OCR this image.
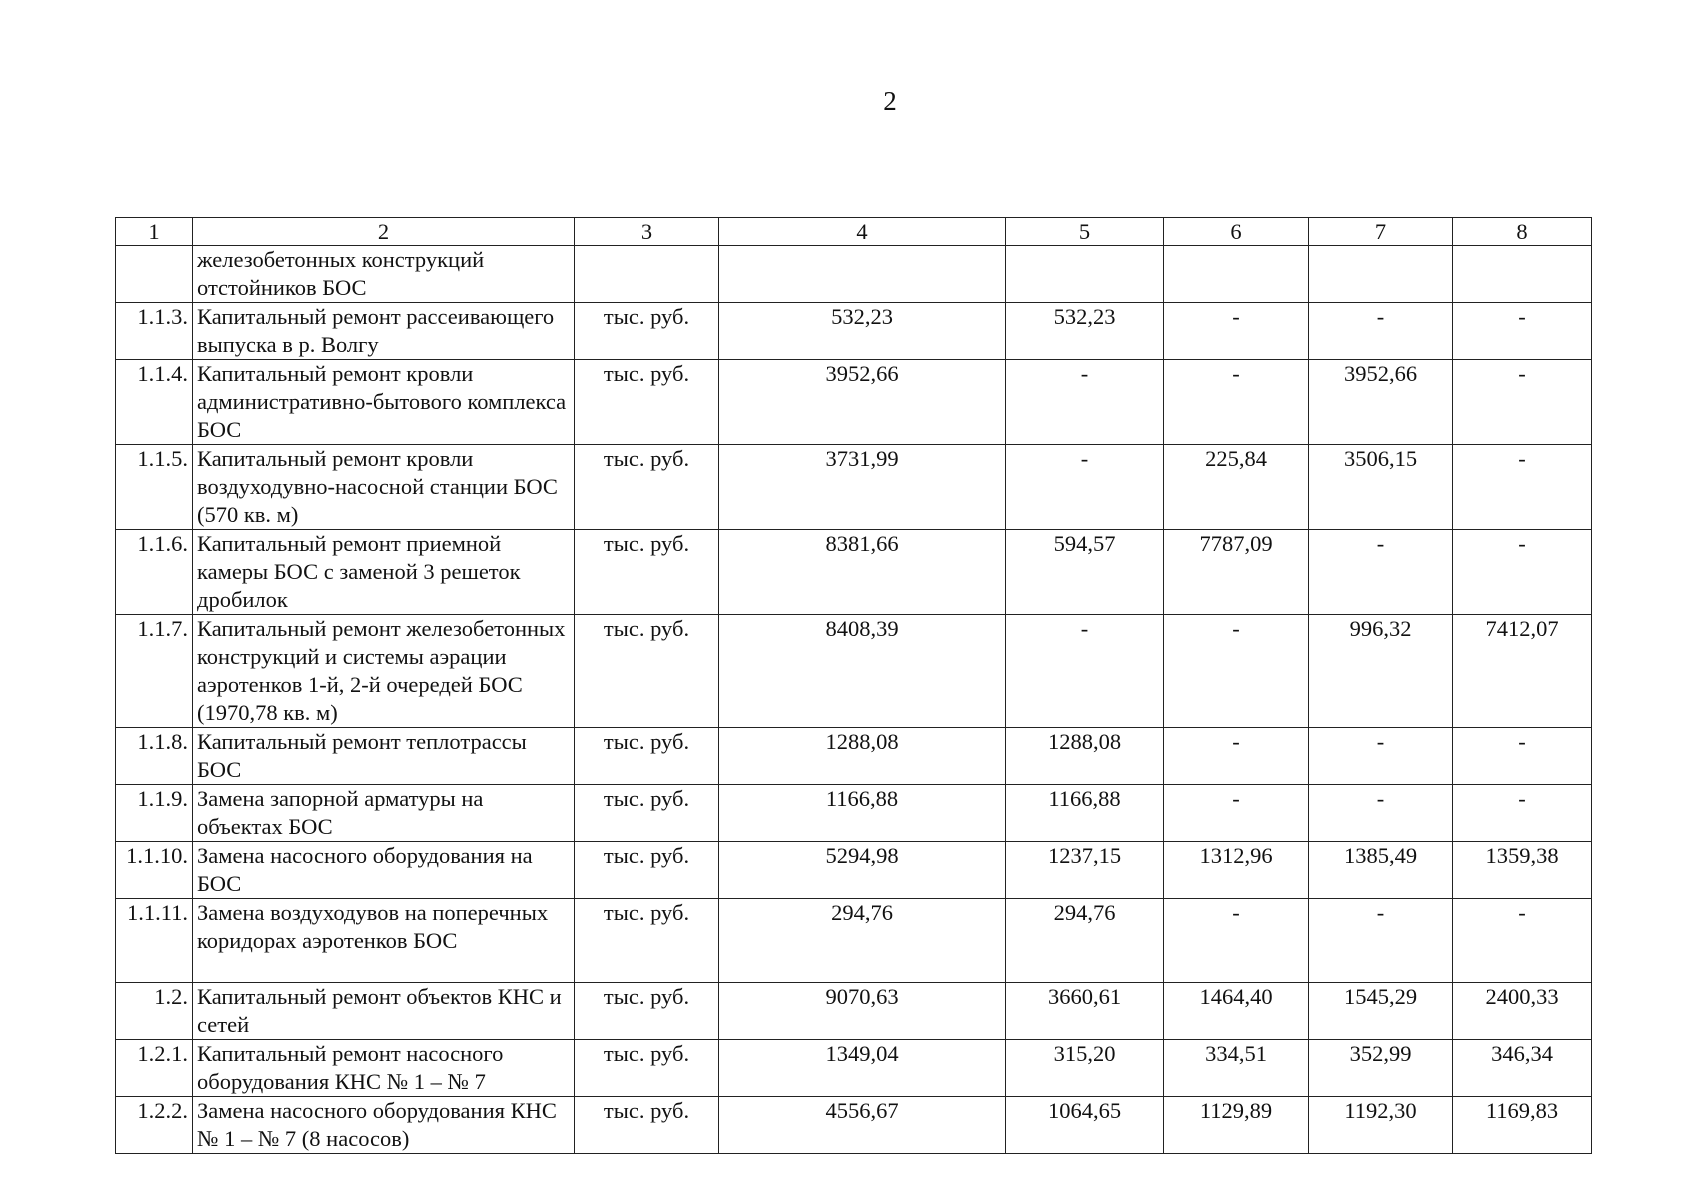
2
1	2	3	4	5	6	7	8
	железобетонных конструкций отстойников БОС						
1.1.3.	Капитальный ремонт рассеивающего выпуска в р. Волгу	тыс. руб.	532,23	532,23	-	-	-
1.1.4.	Капитальный ремонт кровли административно-бытового комплекса БОС	тыс. руб.	3952,66	-	-	3952,66	-
1.1.5.	Капитальный ремонт кровли воздуходувно-насосной станции БОС (570 кв. м)	тыс. руб.	3731,99	-	225,84	3506,15	-
1.1.6.	Капитальный ремонт приемной камеры БОС с заменой 3 решеток дробилок	тыс. руб.	8381,66	594,57	7787,09	-	-
1.1.7.	Капитальный ремонт железобетонных конструкций и системы аэрации аэротенков 1-й, 2-й очередей БОС (1970,78 кв. м)	тыс. руб.	8408,39	-	-	996,32	7412,07
1.1.8.	Капитальный ремонт теплотрассы БОС	тыс. руб.	1288,08	1288,08	-	-	-
1.1.9.	Замена запорной арматуры на объектах БОС	тыс. руб.	1166,88	1166,88	-	-	-
1.1.10.	Замена насосного оборудования на БОС	тыс. руб.	5294,98	1237,15	1312,96	1385,49	1359,38
1.1.11.	Замена воздуходувов на поперечных коридорах аэротенков БОС	тыс. руб.	294,76	294,76	-	-	-
1.2.	Капитальный ремонт объектов КНС и сетей	тыс. руб.	9070,63	3660,61	1464,40	1545,29	2400,33
1.2.1.	Капитальный ремонт насосного оборудования КНС № 1 – № 7	тыс. руб.	1349,04	315,20	334,51	352,99	346,34
1.2.2.	Замена насосного оборудования КНС № 1 – № 7 (8 насосов)	тыс. руб.	4556,67	1064,65	1129,89	1192,30	1169,83
